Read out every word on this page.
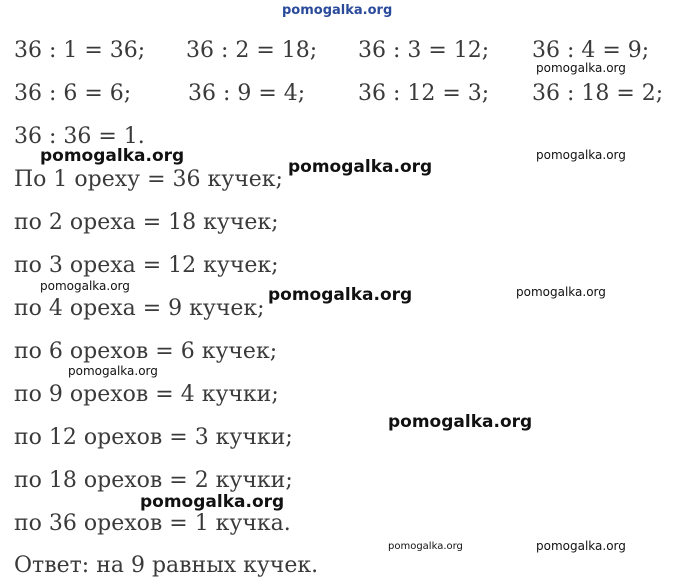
pomogalka.org
36 : 1 = 36; 36 : 2 = 18; 36 : 3 = 12; 36 : 4 = 9;
36 : 6 = 6;	36 : 9 = 4; 36 : 12 = 3; 36 : 18 = 2;
36 : 36 = 1.
По 1 ореху = 36 кучек;
по 2 ореха = 18 кучек;
по 3 ореха = 12 кучек;
по 4 ореха = 9 кучек;
по 6 орехов = 6 кучек;
по 9 орехов = 4 кучки;
по 12 орехов = 3 кучки;
по 18 орехов = 2 кучки;
по 36 орехов = 1 кучка.
Ответ: на 9 равных кучек.
pomogalka.org
pomogalka.org
pomogalka.org
pomogalka.org
pomogalka.org	pomogalka.org	pomogalka.org
pomogalka.org
pomogalka.org
pomogalka.org
pomogalka.org	pomogalka.org
